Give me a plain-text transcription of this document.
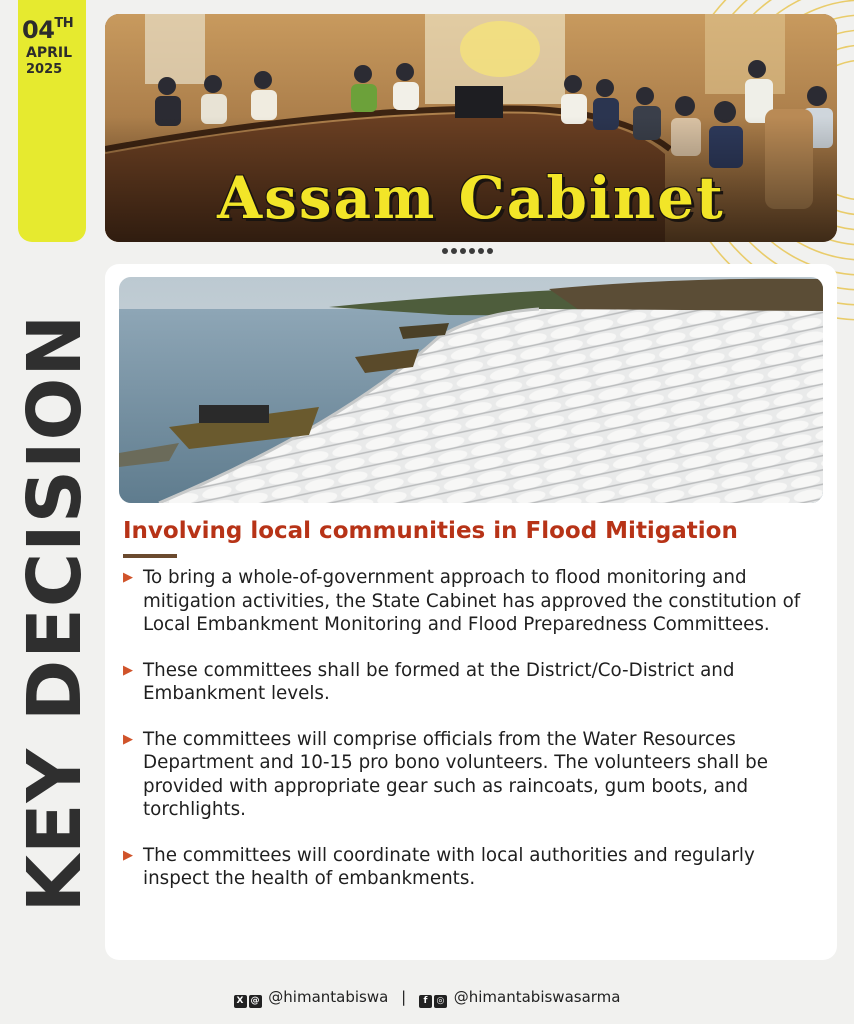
04TH
APRIL
2025
KEY DECISION
Assam Cabinet
Involving local communities in Flood Mitigation
▶ To bring a whole-of-government approach to flood monitoring and mitigation activities, the State Cabinet has approved the constitution of Local Embankment Monitoring and Flood Preparedness Committees.
▶ These committees shall be formed at the District/Co-District and Embankment levels.
▶ The committees will comprise officials from the Water Resources Department and 10-15 pro bono volunteers. The volunteers shall be provided with appropriate gear such as raincoats, gum boots, and torchlights.
▶ The committees will coordinate with local authorities and regularly inspect the health of embankments.
X @ @himantabiswa | f ◎ @himantabiswasarma
